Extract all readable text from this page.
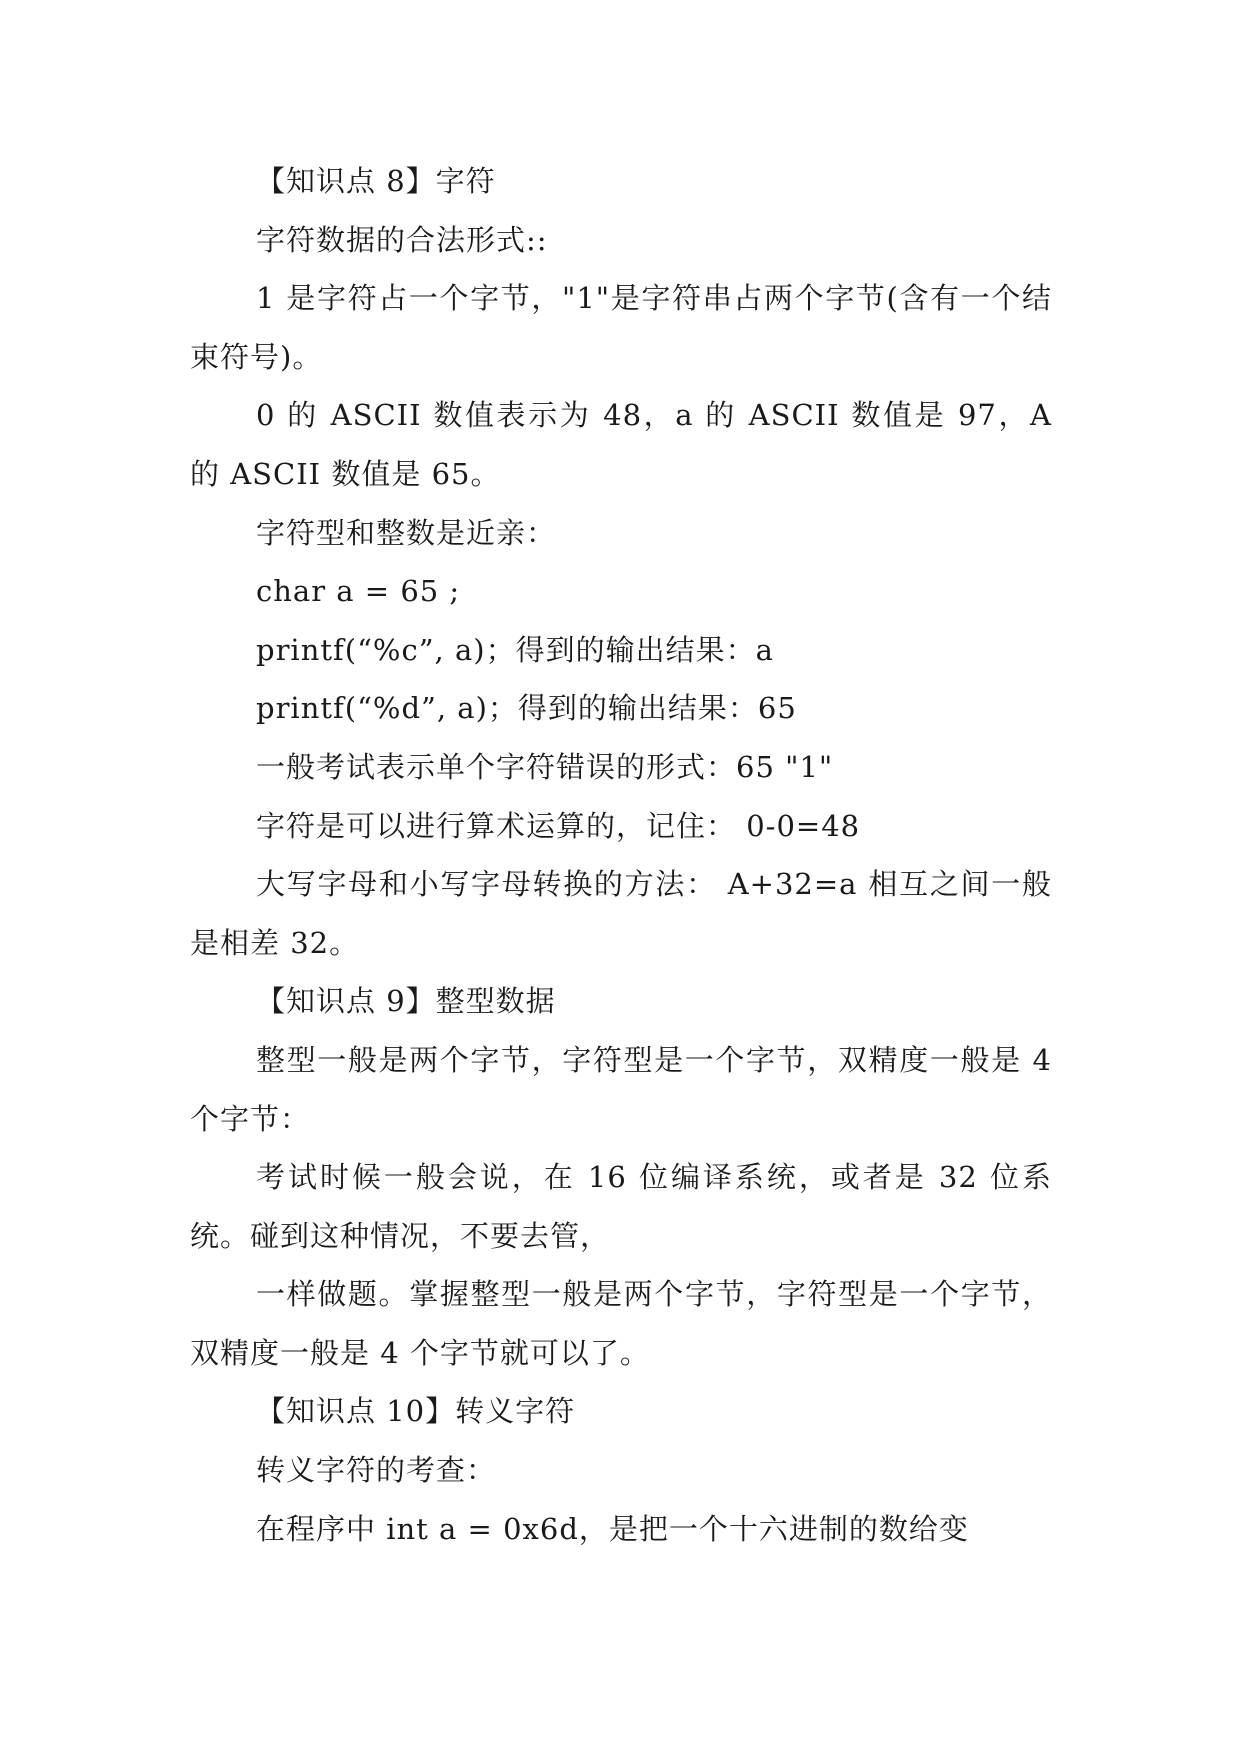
【知识点 8】字符

字符数据的合法形式::

1 是字符占一个字节，"1"是字符串占两个字节(含有一个结束符号)。

0 的 ASCII 数值表示为 48，a 的 ASCII 数值是 97，A 的 ASCII 数值是 65。

字符型和整数是近亲：

char a = 65 ;

printf(“%c”, a)；得到的输出结果：a

printf(“%d”, a)；得到的输出结果：65

一般考试表示单个字符错误的形式：65 "1"

字符是可以进行算术运算的，记住： 0-0=48

大写字母和小写字母转换的方法： A+32=a 相互之间一般是相差 32。

【知识点 9】整型数据

整型一般是两个字节，字符型是一个字节，双精度一般是 4 个字节：

考试时候一般会说，在 16 位编译系统，或者是 32 位系统。碰到这种情况，不要去管，

一样做题。掌握整型一般是两个字节，字符型是一个字节，双精度一般是 4 个字节就可以了。

【知识点 10】转义字符

转义字符的考查：

在程序中 int a = 0x6d，是把一个十六进制的数给变
